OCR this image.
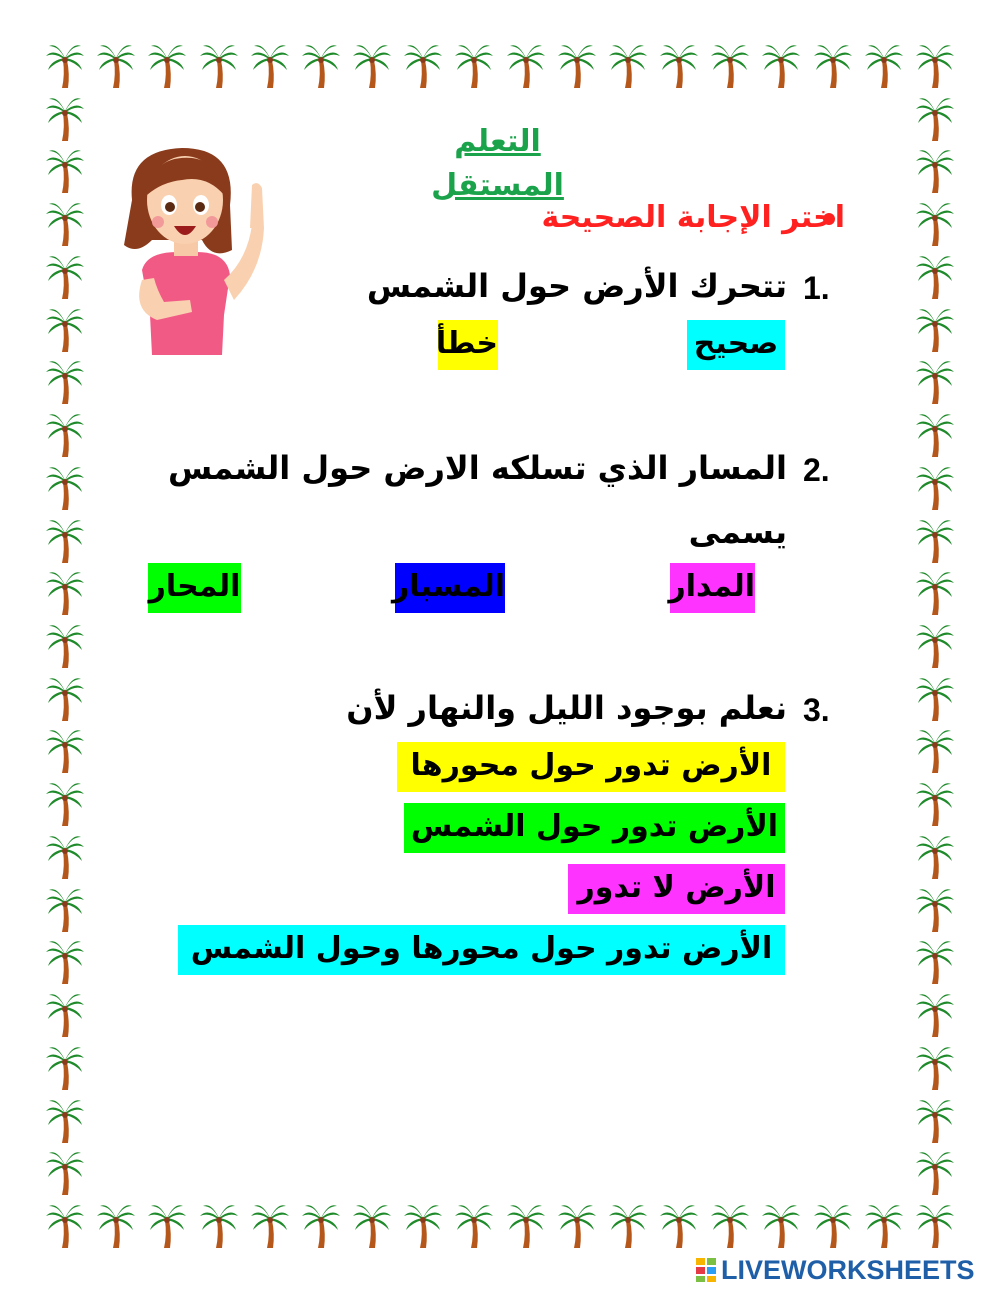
التعلم المستقل
اختر الإجابة الصحيحة
1.
تتحرك الأرض حول الشمس
صحيح
خطأ
2.
المسار الذي تسلكه الارض حول الشمس
يسمى
المدار
المسبار
المحار
3.
نعلم بوجود الليل والنهار لأن
الأرض تدور حول محورها
الأرض تدور حول الشمس
الأرض لا تدور
الأرض تدور حول محورها وحول الشمس
LIVEWORKSHEETS
